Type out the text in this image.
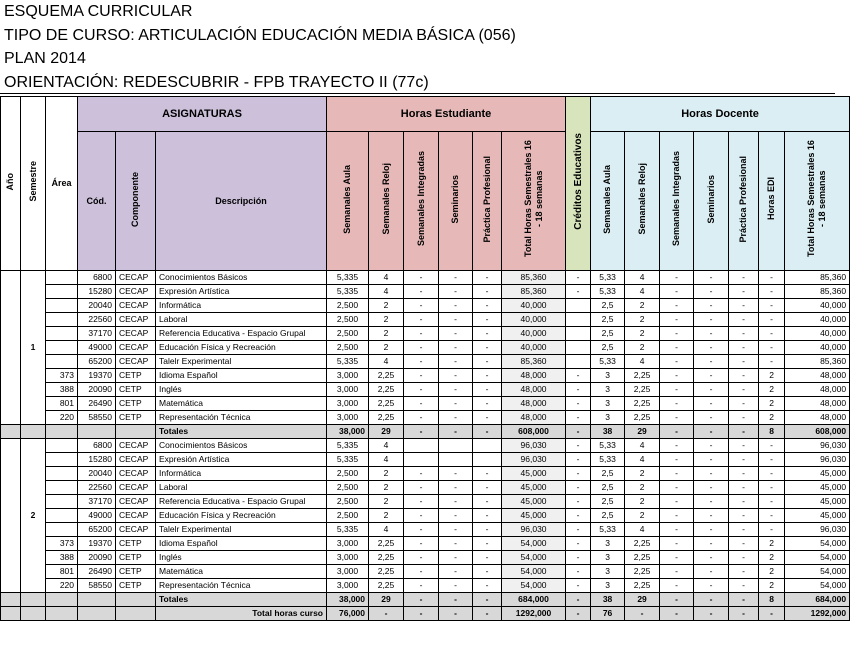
ESQUEMA CURRICULAR
TIPO DE CURSO: ARTICULACIÓN EDUCACIÓN MEDIA BÁSICA (056)
PLAN 2014
ORIENTACIÓN: REDESCUBRIR - FPB TRAYECTO II (77c)
Año	Semestre	Área	ASIGNATURAS			Horas Estudiante						Créditos Educativos	Horas Docente						
			Cód.	Componente	Descripción	Semanales Aula	Semanales Reloj	Semanales Integradas	Seminarios	Práctica Profesional	Total Horas Semestrales 16 - 18 semanas		Semanales Aula	Semanales Reloj	Semanales Integradas	Seminarios	Práctica Profesional	Horas EDI	Total Horas Semestrales 16 - 18 semanas
	1		6800	CECAP	Conocimientos Básicos	5,335	4	-	-	-	85,360	-	5,33	4	-	-	-	-	85,360
			15280	CECAP	Expresión Artística	5,335	4	-	-	-	85,360	-	5,33	4	-	-	-	-	85,360
			20040	CECAP	Informática	2,500	2	-	-	-	40,000		2,5	2	-	-	-	-	40,000
			22560	CECAP	Laboral	2,500	2	-	-	-	40,000		2,5	2	-	-	-	-	40,000
			37170	CECAP	Referencia Educativa - Espacio Grupal	2,500	2	-	-	-	40,000		2,5	2	-	-	-	-	40,000
			49000	CECAP	Educación Física y Recreación	2,500	2	-	-	-	40,000		2,5	2	-	-	-	-	40,000
			65200	CECAP	Talelr Experimental	5,335	4	-	-	-	85,360		5,33	4	-	-	-	-	85,360
		373	19370	CETP	Idioma Español	3,000	2,25	-	-	-	48,000	-	3	2,25	-	-	-	2	48,000
		388	20090	CETP	Inglés	3,000	2,25	-	-	-	48,000	-	3	2,25	-	-	-	2	48,000
		801	26490	CETP	Matemática	3,000	2,25	-	-	-	48,000	-	3	2,25	-	-	-	2	48,000
		220	58550	CETP	Representación Técnica	3,000	2,25	-	-	-	48,000	-	3	2,25	-	-	-	2	48,000
					Totales	38,000	29	-	-	-	608,000	-	38	29	-	-	-	8	608,000
	2		6800	CECAP	Conocimientos Básicos	5,335	4				96,030	-	5,33	4	-	-	-	-	96,030
			15280	CECAP	Expresión Artística	5,335	4				96,030	-	5,33	4	-	-	-	-	96,030
			20040	CECAP	Informática	2,500	2	-	-	-	45,000	-	2,5	2	-	-	-	-	45,000
			22560	CECAP	Laboral	2,500	2	-	-	-	45,000	-	2,5	2	-	-	-	-	45,000
			37170	CECAP	Referencia Educativa - Espacio Grupal	2,500	2	-	-	-	45,000	-	2,5	2	-	-	-	-	45,000
			49000	CECAP	Educación Física y Recreación	2,500	2	-	-	-	45,000	-	2,5	2	-	-	-	-	45,000
			65200	CECAP	Talelr Experimental	5,335	4	-	-	-	96,030	-	5,33	4	-	-	-	-	96,030
		373	19370	CETP	Idioma Español	3,000	2,25	-	-	-	54,000	-	3	2,25	-	-	-	2	54,000
		388	20090	CETP	Inglés	3,000	2,25	-	-	-	54,000	-	3	2,25	-	-	-	2	54,000
		801	26490	CETP	Matemática	3,000	2,25	-	-	-	54,000	-	3	2,25	-	-	-	2	54,000
		220	58550	CETP	Representación Técnica	3,000	2,25	-	-	-	54,000	-	3	2,25	-	-	-	2	54,000
					Totales	38,000	29	-	-	-	684,000	-	38	29	-	-	-	8	684,000
					Total horas curso	76,000	-	-	-	-	1292,000	-	76	-	-	-	-	-	1292,000
